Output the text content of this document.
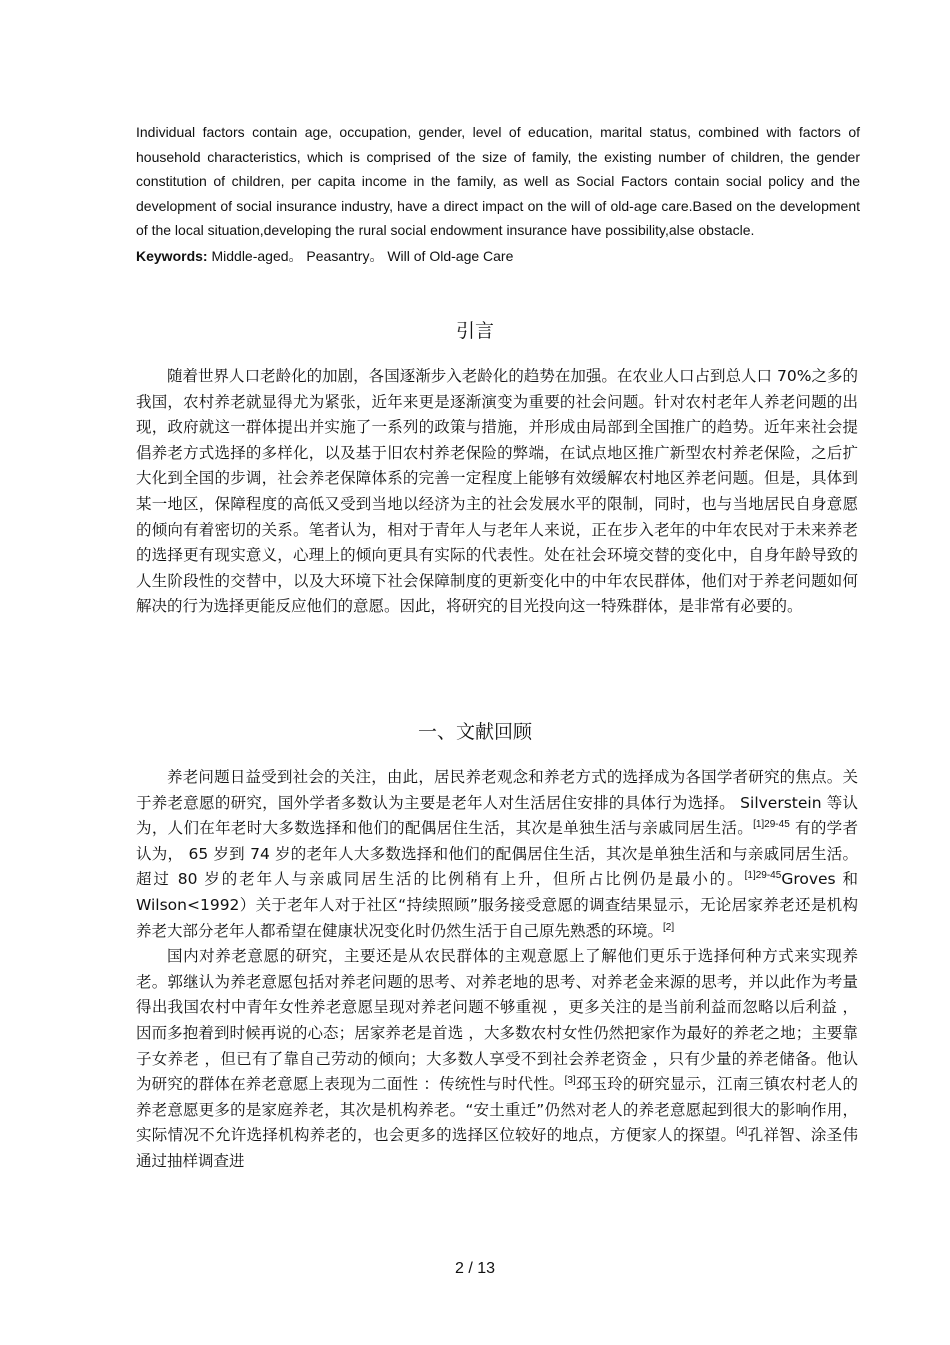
Individual factors contain age, occupation, gender, level of education, marital status, combined with factors of household characteristics, which is comprised of the size of family, the existing number of children, the gender constitution of children, per capita income in the family, as well as Social Factors contain social policy and the development of social insurance industry, have a direct impact on the will of old-age care.Based on the development of the local situation,developing the rural social endowment insurance have possibility,alse obstacle.

Keywords: Middle-aged。 Peasantry。 Will of Old-age Care
引言

随着世界人口老龄化的加剧，各国逐渐步入老龄化的趋势在加强。在农业人口占到总人口 70%之多的我国，农村养老就显得尤为紧张，近年来更是逐渐演变为重要的社会问题。针对农村老年人养老问题的出现，政府就这一群体提出并实施了一系列的政策与措施，并形成由局部到全国推广的趋势。近年来社会提倡养老方式选择的多样化，以及基于旧农村养老保险的弊端，在试点地区推广新型农村养老保险，之后扩大化到全国的步调，社会养老保障体系的完善一定程度上能够有效缓解农村地区养老问题。但是，具体到某一地区，保障程度的高低又受到当地以经济为主的社会发展水平的限制，同时，也与当地居民自身意愿的倾向有着密切的关系。笔者认为，相对于青年人与老年人来说，正在步入老年的中年农民对于未来养老的选择更有现实意义，心理上的倾向更具有实际的代表性。处在社会环境交替的变化中，自身年龄导致的人生阶段性的交替中，以及大环境下社会保障制度的更新变化中的中年农民群体，他们对于养老问题如何解决的行为选择更能反应他们的意愿。因此，将研究的目光投向这一特殊群体，是非常有必要的。

一、文献回顾

养老问题日益受到社会的关注，由此，居民养老观念和养老方式的选择成为各国学者研究的焦点。关于养老意愿的研究，国外学者多数认为主要是老年人对生活居住安排的具体行为选择。 Silverstein 等认为，人们在年老时大多数选择和他们的配偶居住生活，其次是单独生活与亲戚同居生活。$^{[1]29-45}$ 有的学者认为， 65 岁到 74 岁的老年人大多数选择和他们的配偶居住生活，其次是单独生活和与亲戚同居生活。超过 80 岁的老年人与亲戚同居生活的比例稍有上升，但所占比例仍是最小的。$^{[1]29-45}$Groves 和 Wilson<1992）关于老年人对于社区“持续照顾”服务接受意愿的调查结果显示，无论居家养老还是机构养老大部分老年人都希望在健康状况变化时仍然生活于自己原先熟悉的环境。[2]

国内对养老意愿的研究，主要还是从农民群体的主观意愿上了解他们更乐于选择何种方式来实现养老。郭继认为养老意愿包括对养老问题的思考、对养老地的思考、对养老金来源的思考，并以此作为考量得出我国农村中青年女性养老意愿呈现对养老问题不够重视 ，更多关注的是当前利益而忽略以后利益 ，因而多抱着到时候再说的心态；居家养老是首选 ，大多数农村女性仍然把家作为最好的养老之地；主要靠子女养老 ，但已有了靠自己劳动的倾向；大多数人享受不到社会养老资金 ，只有少量的养老储备。他认为研究的群体在养老意愿上表现为二面性 ：传统性与时代性。[3]邳玉玲的研究显示，江南三镇农村老人的养老意愿更多的是家庭养老，其次是机构养老。“安土重迁”仍然对老人的养老意愿起到很大的影响作用，实际情况不允许选择机构养老的，也会更多的选择区位较好的地点，方便家人的探望。[4]孔祥智、涂圣伟通过抽样调查进

2 / 13
